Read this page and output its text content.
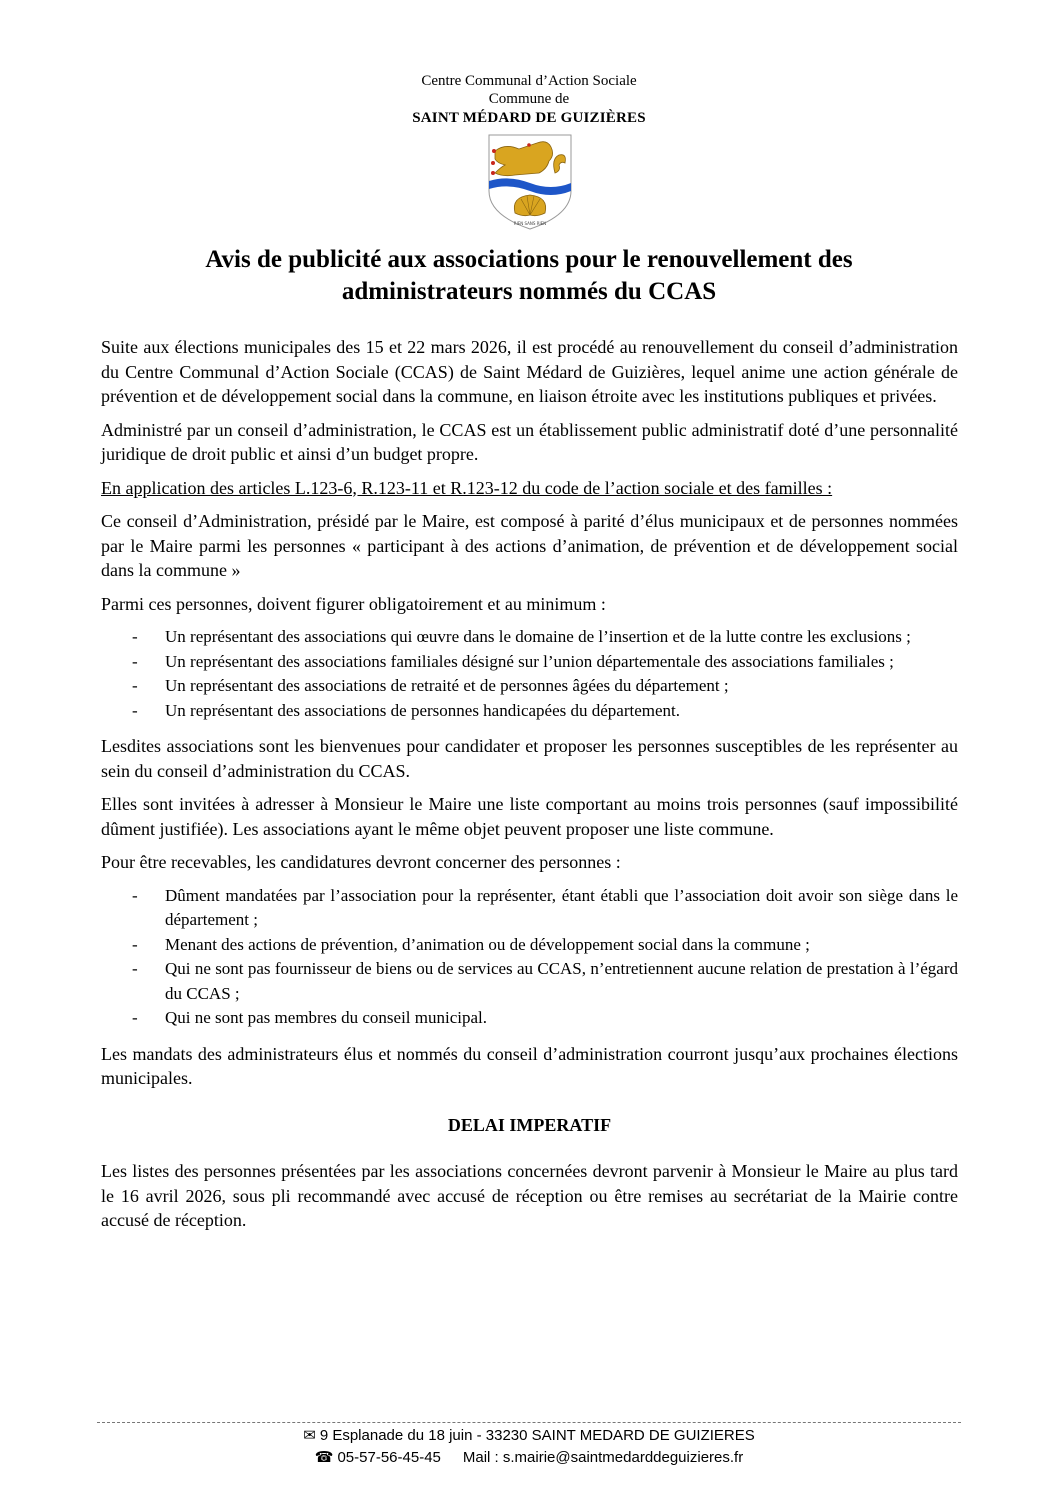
Centre Communal d’Action Sociale
Commune de
SAINT MÉDARD DE GUIZIÈRES
RIEN SANS RIEN
Avis de publicité aux associations pour le renouvellement des
administrateurs nommés du CCAS

Suite aux élections municipales des 15 et 22 mars 2026, il est procédé au renouvellement du conseil d’administration du Centre Communal d’Action Sociale (CCAS) de Saint Médard de Guizières, lequel anime une action générale de prévention et de développement social dans la commune, en liaison étroite avec les institutions publiques et privées.

Administré par un conseil d’administration, le CCAS est un établissement public administratif doté d’une personnalité juridique de droit public et ainsi d’un budget propre.

En application des articles L.123-6, R.123-11 et R.123-12 du code de l’action sociale et des familles :

Ce conseil d’Administration, présidé par le Maire, est composé à parité d’élus municipaux et de personnes nommées par le Maire parmi les personnes « participant à des actions d’animation, de prévention et de développement social dans la commune »

Parmi ces personnes, doivent figurer obligatoirement et au minimum :

- Un représentant des associations qui œuvre dans le domaine de l’insertion et de la lutte contre les exclusions ;
- Un représentant des associations familiales désigné sur l’union départementale des associations familiales ;
- Un représentant des associations de retraité et de personnes âgées du département ;
- Un représentant des associations de personnes handicapées du département.

Lesdites associations sont les bienvenues pour candidater et proposer les personnes susceptibles de les représenter au sein du conseil d’administration du CCAS.

Elles sont invitées à adresser à Monsieur le Maire une liste comportant au moins trois personnes (sauf impossibilité dûment justifiée). Les associations ayant le même objet peuvent proposer une liste commune.

Pour être recevables, les candidatures devront concerner des personnes :

- Dûment mandatées par l’association pour la représenter, étant établi que l’association doit avoir son siège dans le département ;
- Menant des actions de prévention, d’animation ou de développement social dans la commune ;
- Qui ne sont pas fournisseur de biens ou de services au CCAS, n’entretiennent aucune relation de prestation à l’égard du CCAS ;
- Qui ne sont pas membres du conseil municipal.

Les mandats des administrateurs élus et nommés du conseil d’administration courront jusqu’aux prochaines élections municipales.

DELAI IMPERATIF

Les listes des personnes présentées par les associations concernées devront parvenir à Monsieur le Maire au plus tard le 16 avril 2026, sous pli recommandé avec accusé de réception ou être remises au secrétariat de la Mairie contre accusé de réception.

✉ 9 Esplanade du 18 juin - 33230 SAINT MEDARD DE GUIZIERES
☎ 05-57-56-45-45 Mail : s.mairie@saintmedarddeguizieres.fr
